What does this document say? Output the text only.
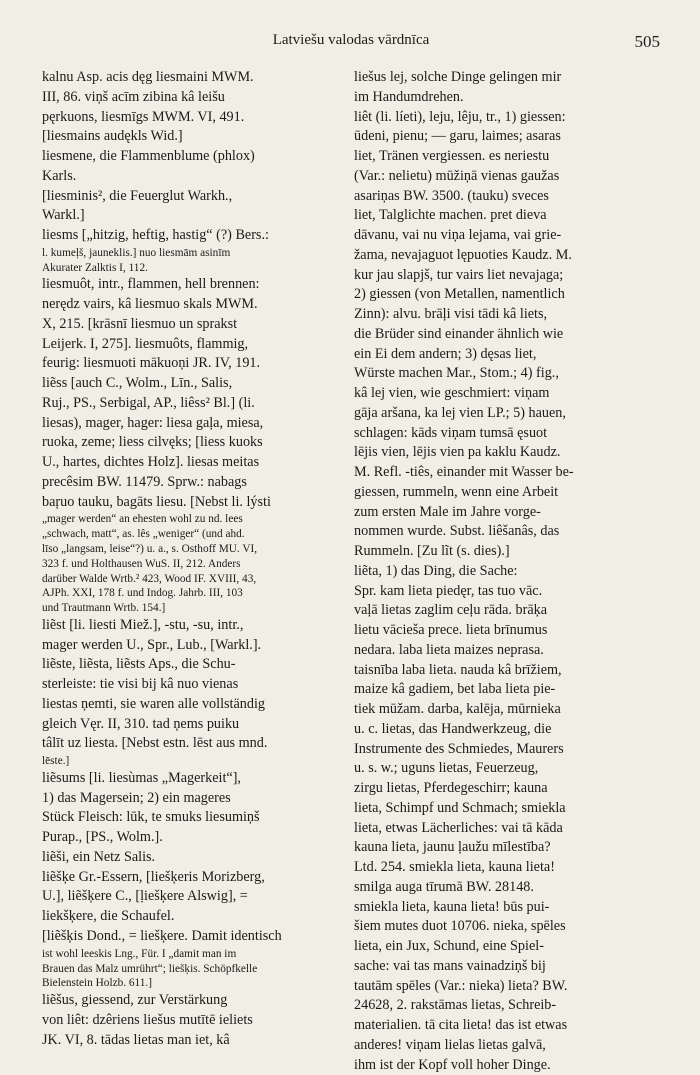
Latviešu valodas vārdnīca	505
kalnu Asp. acis dęg liesmaini MWM.
III, 86. viņš acīm zibina kâ leišu
pęrkuons, liesmīgs MWM. VI, 491.
[liesmains audękls Wid.]
liesmene, die Flammenblume (phlox)
Karls.
[liesminis², die Feuerglut Warkh.,
Warkl.]
liesms [„hitzig, heftig, hastig“ (?) Bers.:
l. kumeļš, jauneklis.] nuo liesmām asinīm
Akurater Zalktis I, 112.
liesmuôt, intr., flammen, hell brennen:
nerędz vairs, kâ liesmuo skals MWM.
X, 215. [krāsnī liesmuo un sprakst
Leijerk. I, 275]. liesmuôts, flammig,
feurig: liesmuoti mākuoņi JR. IV, 191.
liẽss [auch C., Wolm., Līn., Salis,
Ruj., PS., Serbigal, AP., liêss² Bl.] (li.
liesas), mager, hager: liesa gaļa, miesa,
ruoka, zeme; liess cilvęks; [liess kuoks
U., hartes, dichtes Holz]. liesas meitas
precêsim BW. 11479. Sprw.: nabags
baŗuo tauku, bagāts liesu. [Nebst li. lýsti
„mager werden“ an ehesten wohl zu nd. lees
„schwach, matt“, as. lês „weniger“ (und ahd.
līso „langsam, leise“?) u. a., s. Osthoff MU. VI,
323 f. und Holthausen WuS. II, 212. Anders
darüber Walde Wrtb.² 423, Wood IF. XVIII, 43,
AJPh. XXI, 178 f. und Indog. Jahrb. III, 103
und Trautmann Wrtb. 154.]
liẽst [li. liesti Miež.], -stu, -su, intr.,
mager werden U., Spr., Lub., [Warkl.].
liẽste, liẽsta, liẽsts Aps., die Schu-
sterleiste: tie visi bij kâ nuo vienas
liestas ņemti, sie waren alle vollständig
gleich Vęr. II, 310. tad ņems puiku
tâlīt uz liesta. [Nebst estn. lēst aus mnd.
lēste.]
liẽsums [li. liesùmas „Magerkeit“],
1) das Magersein; 2) ein mageres
Stück Fleisch: lūk, te smuks liesumiņš
Purap., [PS., Wolm.].
liẽši, ein Netz Salis.
liẽšķe Gr.-Essern, [liešķeris Morizberg,
U.], liẽšķere C., [ḷiešķere Alswig], =
liekšķere, die Schaufel.
[liẽšķis Dond., = liešķere. Damit identisch
ist wohl leeskis Lng., Für. I „damit man im
Brauen das Malz umrührt“; liešķis. Schöpfkelle
Bielenstein Holzb. 611.]
liẽšus, giessend, zur Verstärkung
von liêt: dzêriens liešus mutītē ieliets
JK. VI, 8. tādas lietas man iet, kâ
liešus lej, solche Dinge gelingen mir
im Handumdrehen.
liêt (li. líeti), leju, lêju, tr., 1) giessen:
ūdeni, pienu; — garu, laimes; asaras
liet, Tränen vergiessen. es neriestu
(Var.: nelietu) mūžiņā vienas gaužas
asariņas BW. 3500. (tauku) sveces
liet, Talglichte machen. pret dieva
dāvanu, vai nu viņa lejama, vai grie-
žama, nevajaguot lępuoties Kaudz. M.
kur jau slapjš, tur vairs liet nevajaga;
2) giessen (von Metallen, namentlich
Zinn): alvu. brāļi visi tādi kâ liets,
die Brüder sind einander ähnlich wie
ein Ei dem andern; 3) dęsas liet,
Würste machen Mar., Stom.; 4) fig.,
kâ lej vien, wie geschmiert: viņam
gāja aršana, ka lej vien LP.; 5) hauen,
schlagen: kāds viņam tumsā ęsuot
lējis vien, lējis vien pa kaklu Kaudz.
M. Refl. -tiês, einander mit Wasser be-
giessen, rummeln, wenn eine Arbeit
zum ersten Male im Jahre vorge-
nommen wurde. Subst. liêšanâs, das
Rummeln. [Zu lĩt (s. dies).]
liẽta, 1) das Ding, die Sache:
Spr. kam lieta piedęr, tas tuo vāc.
vaļā lietas zaglim ceļu rāda. brāķa
lietu vācieša prece. lieta brīnumus
nedara. laba lieta maizes neprasa.
taisnība laba lieta. nauda kâ brīžiem,
maize kâ gadiem, bet laba lieta pie-
tiek mūžam. darba, kalēja, mūrnieka
u. c. lietas, das Handwerkzeug, die
Instrumente des Schmiedes, Maurers
u. s. w.; uguns lietas, Feuerzeug,
zirgu lietas, Pferdegeschirr; kauna
lieta, Schimpf und Schmach; smiekla
lieta, etwas Lächerliches: vai tā kāda
kauna lieta, jaunu ļaužu mīlestība?
Ltd. 254. smiekla lieta, kauna lieta!
smilga auga tīrumā BW. 28148.
smiekla lieta, kauna lieta! būs pui-
šiem mutes duot 10706. nieka, spēles
lieta, ein Jux, Schund, eine Spiel-
sache: vai tas mans vainadziņš bij
tautām spēles (Var.: nieka) lieta? BW.
24628, 2. rakstāmas lietas, Schreib-
materialien. tā cita lieta! das ist etwas
anderes! viņam lielas lietas galvā,
ihm ist der Kopf voll hoher Dinge.
